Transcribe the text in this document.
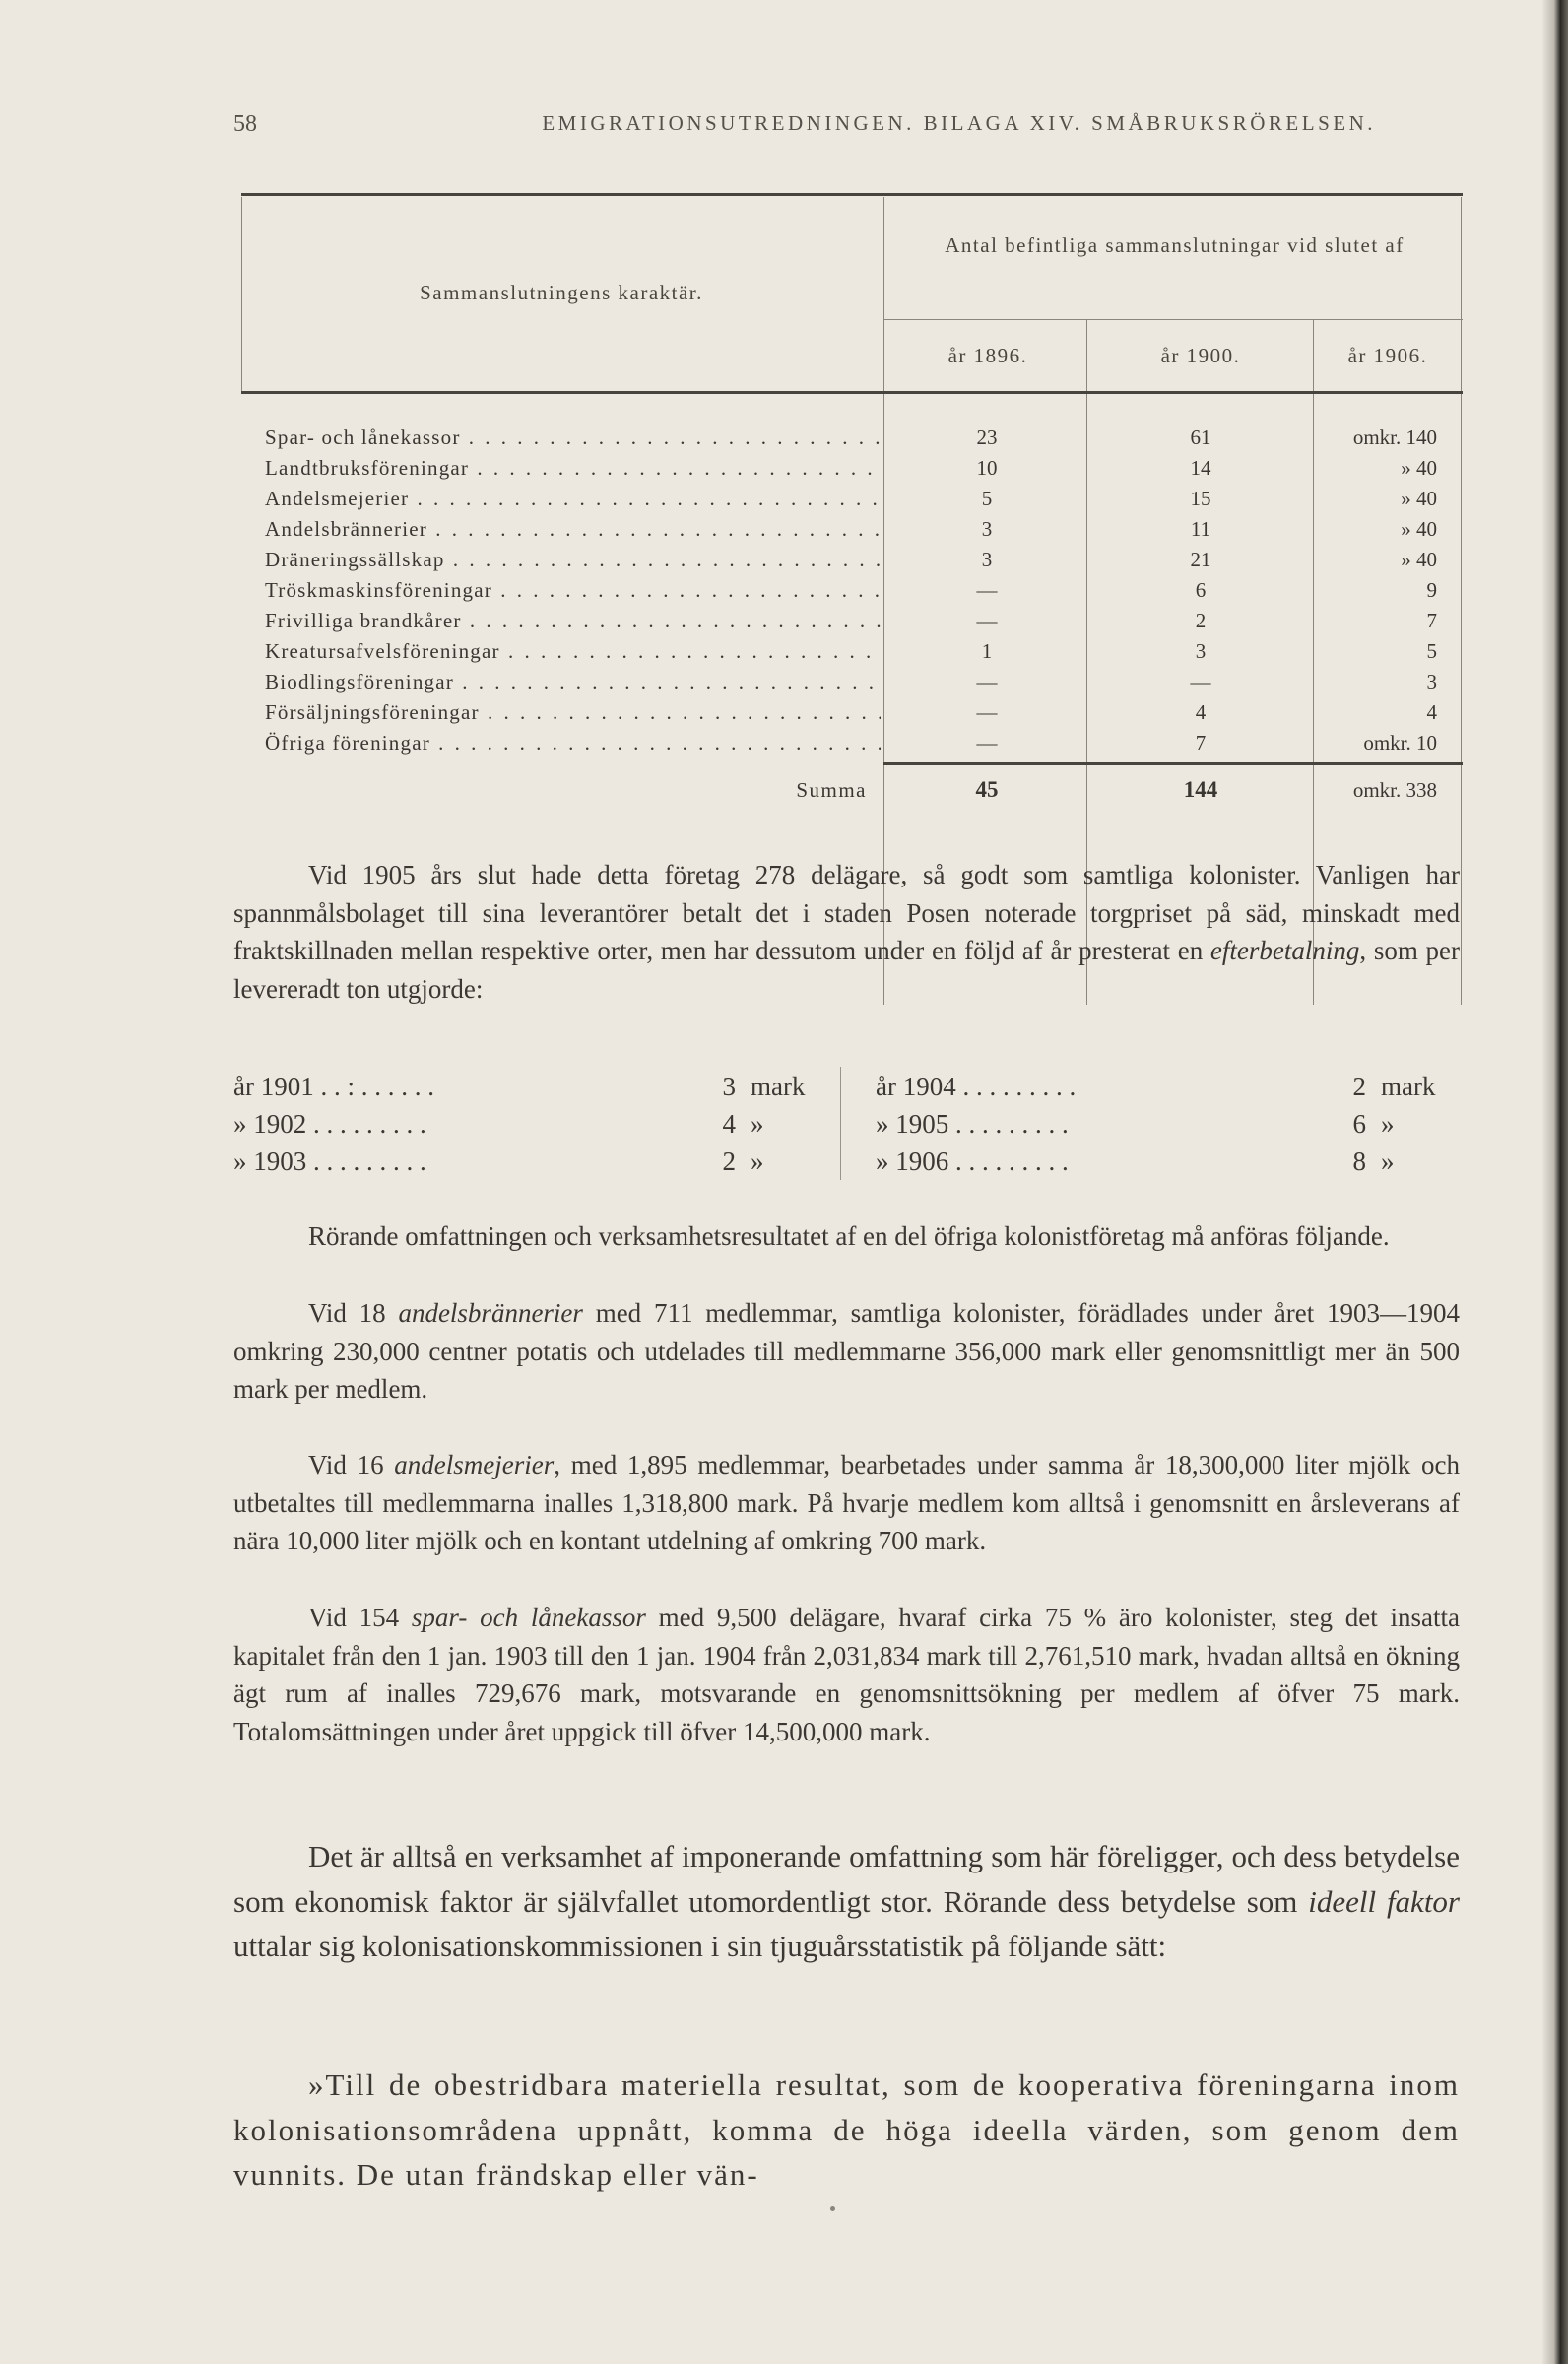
58	EMIGRATIONSUTREDNINGEN. BILAGA XIV. SMÅBRUKSRÖRELSEN.
Sammanslutningens karaktär.
Antal befintliga sammanslutningar vid slutet af
år 1896.	år 1900.	år 1906.
Spar- och lånekassor . . .	23	61	omkr. 140
Landtbruksföreningar . . .	10	14	» 40
Andelsmejerier . . .	5	15	» 40
Andelsbrännerier . . .	3	11	» 40
Dräneringssällskap . . .	3	21	» 40
Tröskmaskinsföreningar . . .	—	6	9
Frivilliga brandkårer . . .	—	2	7
Kreatursafvelsföreningar . . .	1	3	5
Biodlingsföreningar . . .	—	—	3
Försäljningsföreningar . . .	—	4	4
Öfriga föreningar . . .	—	7	omkr. 10
Summa	45	144	omkr. 338
Vid 1905 års slut hade detta företag 278 delägare, så godt som samtliga kolonister. Vanligen har spannmålsbolaget till sina leverantörer betalt det i staden Posen noterade torgpriset på säd, minskadt med fraktskillnaden mellan respektive orter, men har dessutom under en följd af år presterat en efterbetalning, som per levereradt ton utgjorde:
år 1901 . . : . . . . . .	3 mark	år 1904 . . . . . . . . .	2 mark
» 1902 . . . . . . . . .	4 »	» 1905 . . . . . . . . .	6 »
» 1903 . . . . . . . . .	2 »	» 1906 . . . . . . . . .	8 »
Rörande omfattningen och verksamhetsresultatet af en del öfriga kolonistföretag må anföras följande.
Vid 18 andelsbrännerier med 711 medlemmar, samtliga kolonister, förädlades under året 1903—1904 omkring 230,000 centner potatis och utdelades till medlemmarne 356,000 mark eller genomsnittligt mer än 500 mark per medlem.
Vid 16 andelsmejerier, med 1,895 medlemmar, bearbetades under samma år 18,300,000 liter mjölk och utbetaltes till medlemmarna inalles 1,318,800 mark. På hvarje medlem kom alltså i genomsnitt en årsleverans af nära 10,000 liter mjölk och en kontant utdelning af omkring 700 mark.
Vid 154 spar- och lånekassor med 9,500 delägare, hvaraf cirka 75 % äro kolonister, steg det insatta kapitalet från den 1 jan. 1903 till den 1 jan. 1904 från 2,031,834 mark till 2,761,510 mark, hvadan alltså en ökning ägt rum af inalles 729,676 mark, motsvarande en genomsnittsökning per medlem af öfver 75 mark. Totalomsättningen under året uppgick till öfver 14,500,000 mark.
Det är alltså en verksamhet af imponerande omfattning som här föreligger, och dess betydelse som ekonomisk faktor är självfallet utomordentligt stor. Rörande dess betydelse som ideell faktor uttalar sig kolonisationskommissionen i sin tjuguårsstatistik på följande sätt:
»Till de obestridbara materiella resultat, som de kooperativa föreningarna inom kolonisationsområdena uppnått, komma de höga ideella värden, som genom dem vunnits. De utan frändskap eller vän-
